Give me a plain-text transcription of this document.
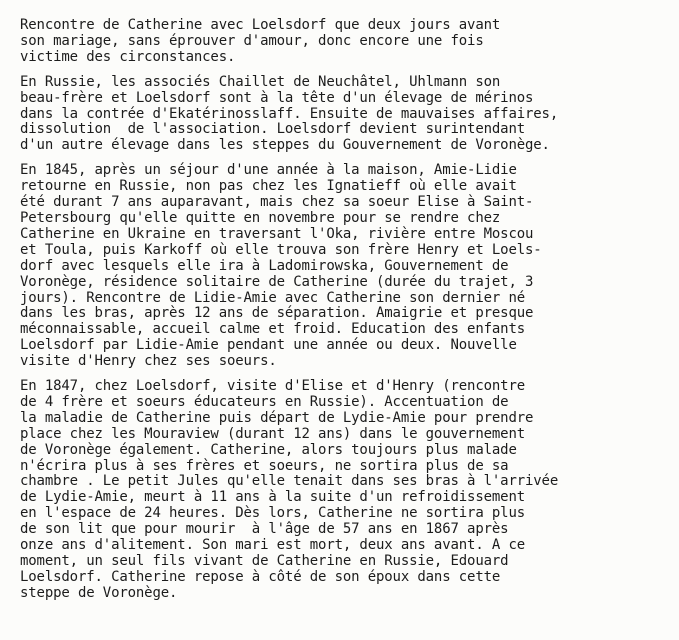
Rencontre de Catherine avec Loelsdorf que deux jours avant
son mariage, sans éprouver d'amour, donc encore une fois
victime des circonstances.
En Russie, les associés Chaillet de Neuchâtel, Uhlmann son
beau-frère et Loelsdorf sont à la tête d'un élevage de mérinos
dans la contrée d'Ekatérinosslaff. Ensuite de mauvaises affaires,
dissolution  de l'association. Loelsdorf devient surintendant
d'un autre élevage dans les steppes du Gouvernement de Voronège.
En 1845, après un séjour d'une année à la maison, Amie-Lidie
retourne en Russie, non pas chez les Ignatieff où elle avait
été durant 7 ans auparavant, mais chez sa soeur Elise à Saint-
Petersbourg qu'elle quitte en novembre pour se rendre chez
Catherine en Ukraine en traversant l'Oka, rivière entre Moscou
et Toula, puis Karkoff où elle trouva son frère Henry et Loels-
dorf avec lesquels elle ira à Ladomirowska, Gouvernement de
Voronège, résidence solitaire de Catherine (durée du trajet, 3
jours). Rencontre de Lidie-Amie avec Catherine son dernier né
dans les bras, après 12 ans de séparation. Amaigrie et presque
méconnaissable, accueil calme et froid. Education des enfants
Loelsdorf par Lidie-Amie pendant une année ou deux. Nouvelle
visite d'Henry chez ses soeurs.
En 1847, chez Loelsdorf, visite d'Elise et d'Henry (rencontre
de 4 frère et soeurs éducateurs en Russie). Accentuation de
la maladie de Catherine puis départ de Lydie-Amie pour prendre
place chez les Mouraview (durant 12 ans) dans le gouvernement
de Voronège également. Catherine, alors toujours plus malade
n'écrira plus à ses frères et soeurs, ne sortira plus de sa
chambre . Le petit Jules qu'elle tenait dans ses bras à l'arrivée
de Lydie-Amie, meurt à 11 ans à la suite d'un refroidissement
en l'espace de 24 heures. Dès lors, Catherine ne sortira plus
de son lit que pour mourir  à l'âge de 57 ans en 1867 après
onze ans d'alitement. Son mari est mort, deux ans avant. A ce
moment, un seul fils vivant de Catherine en Russie, Edouard
Loelsdorf. Catherine repose à côté de son époux dans cette
steppe de Voronège.
